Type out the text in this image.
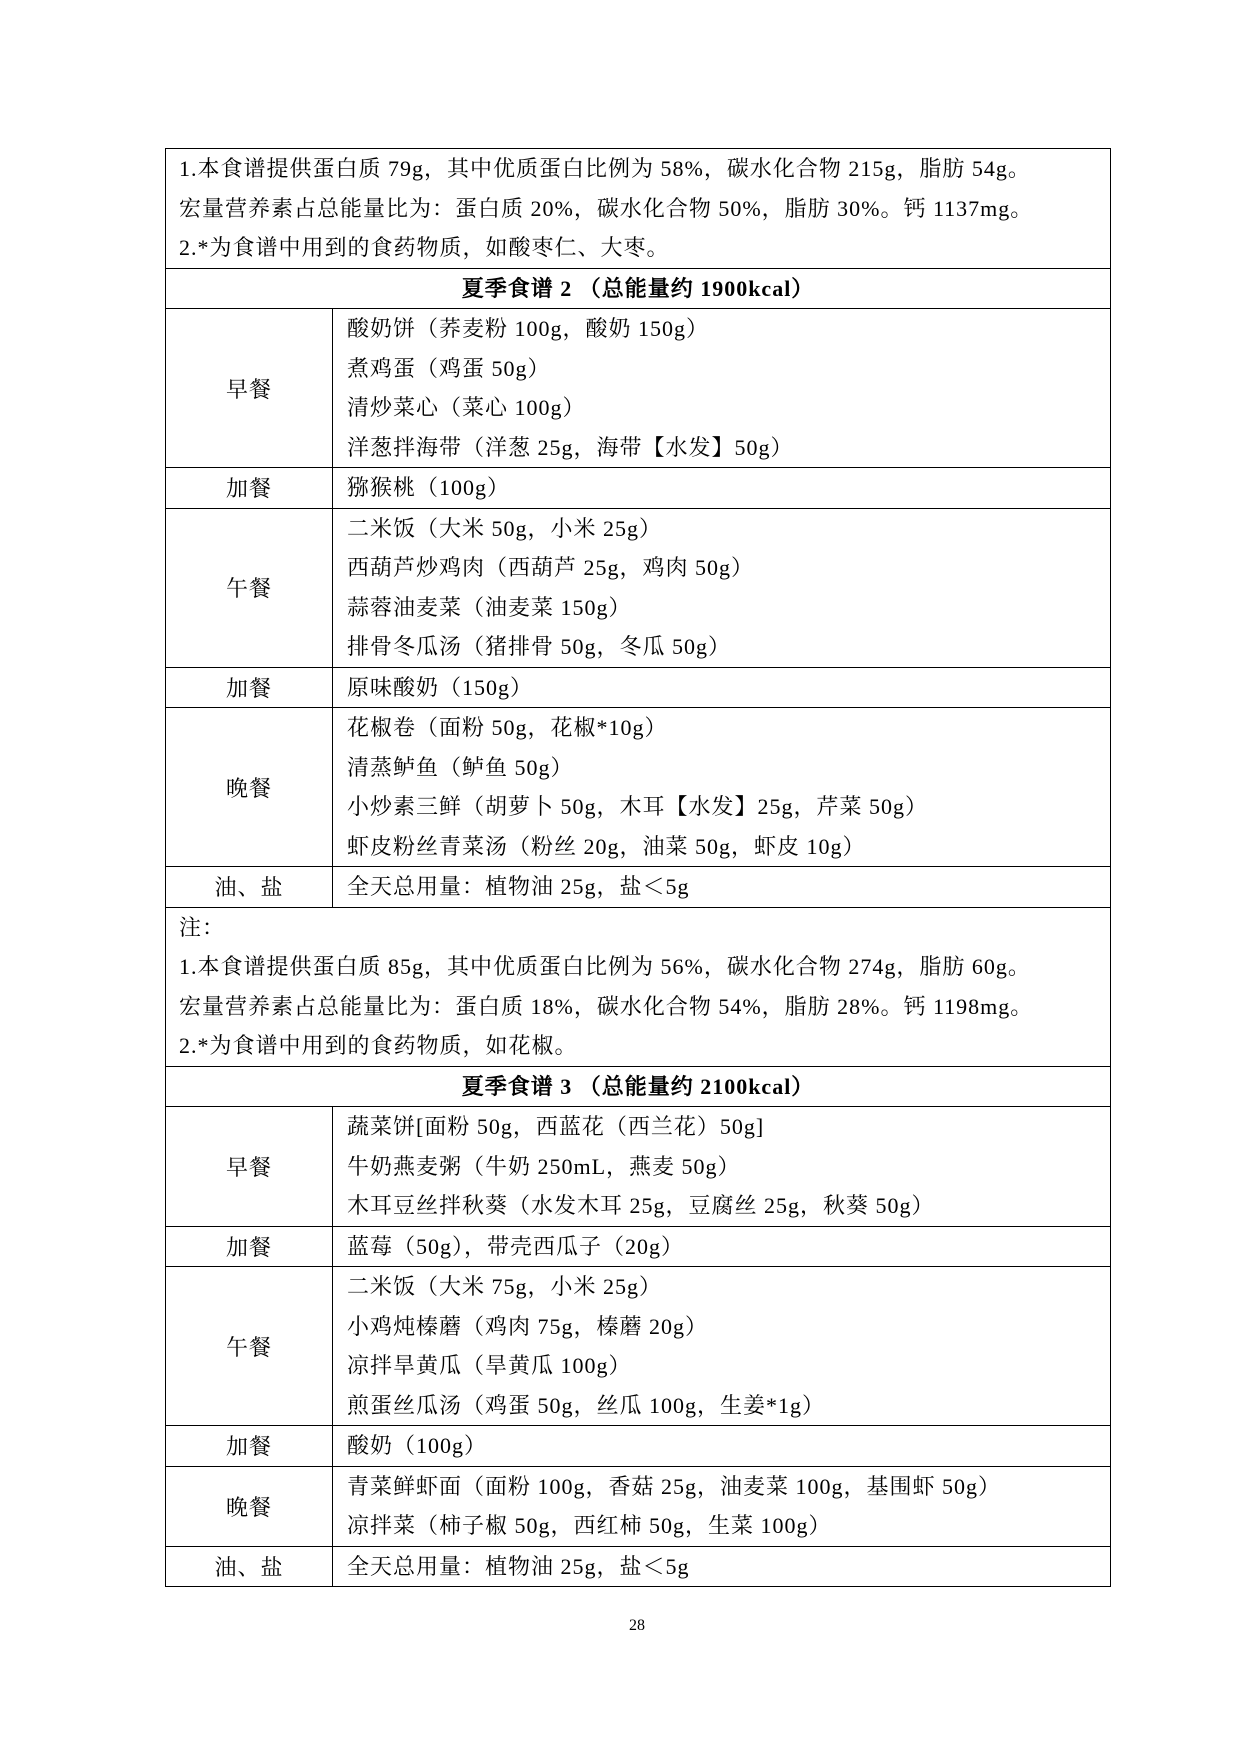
1.本食谱提供蛋白质 79g，其中优质蛋白比例为 58%，碳水化合物 215g，脂肪 54g。
宏量营养素占总能量比为：蛋白质 20%，碳水化合物 50%，脂肪 30%。钙 1137mg。
2.*为食谱中用到的食药物质，如酸枣仁、大枣。	

夏季食谱 2 （总能量约 1900kcal）	
早餐	酸奶饼（荞麦粉 100g，酸奶 150g）
煮鸡蛋（鸡蛋 50g）
清炒菜心（菜心 100g）
洋葱拌海带（洋葱 25g，海带【水发】50g）

加餐	猕猴桃（100g）

午餐	二米饭（大米 50g，小米 25g）
西葫芦炒鸡肉（西葫芦 25g，鸡肉 50g）
蒜蓉油麦菜（油麦菜 150g）
排骨冬瓜汤（猪排骨 50g，冬瓜 50g）

加餐	原味酸奶（150g）

晚餐	花椒卷（面粉 50g，花椒*10g）
清蒸鲈鱼（鲈鱼 50g）
小炒素三鲜（胡萝卜 50g，木耳【水发】25g，芹菜 50g）
虾皮粉丝青菜汤（粉丝 20g，油菜 50g，虾皮 10g）

油、盐	全天总用量：植物油 25g，盐＜5g

注：
1.本食谱提供蛋白质 85g，其中优质蛋白比例为 56%，碳水化合物 274g，脂肪 60g。
宏量营养素占总能量比为：蛋白质 18%，碳水化合物 54%，脂肪 28%。钙 1198mg。
2.*为食谱中用到的食药物质，如花椒。	

夏季食谱 3 （总能量约 2100kcal）	
早餐	蔬菜饼[面粉 50g，西蓝花（西兰花）50g]
牛奶燕麦粥（牛奶 250mL，燕麦 50g）
木耳豆丝拌秋葵（水发木耳 25g，豆腐丝 25g，秋葵 50g）

加餐	蓝莓（50g），带壳西瓜子（20g）

午餐	二米饭（大米 75g，小米 25g）
小鸡炖榛蘑（鸡肉 75g，榛蘑 20g）
凉拌旱黄瓜（旱黄瓜 100g）
煎蛋丝瓜汤（鸡蛋 50g，丝瓜 100g，生姜*1g）

加餐	酸奶（100g）

晚餐	青菜鲜虾面（面粉 100g，香菇 25g，油麦菜 100g，基围虾 50g）
凉拌菜（柿子椒 50g，西红柿 50g，生菜 100g）

油、盐	全天总用量：植物油 25g，盐＜5g
28
